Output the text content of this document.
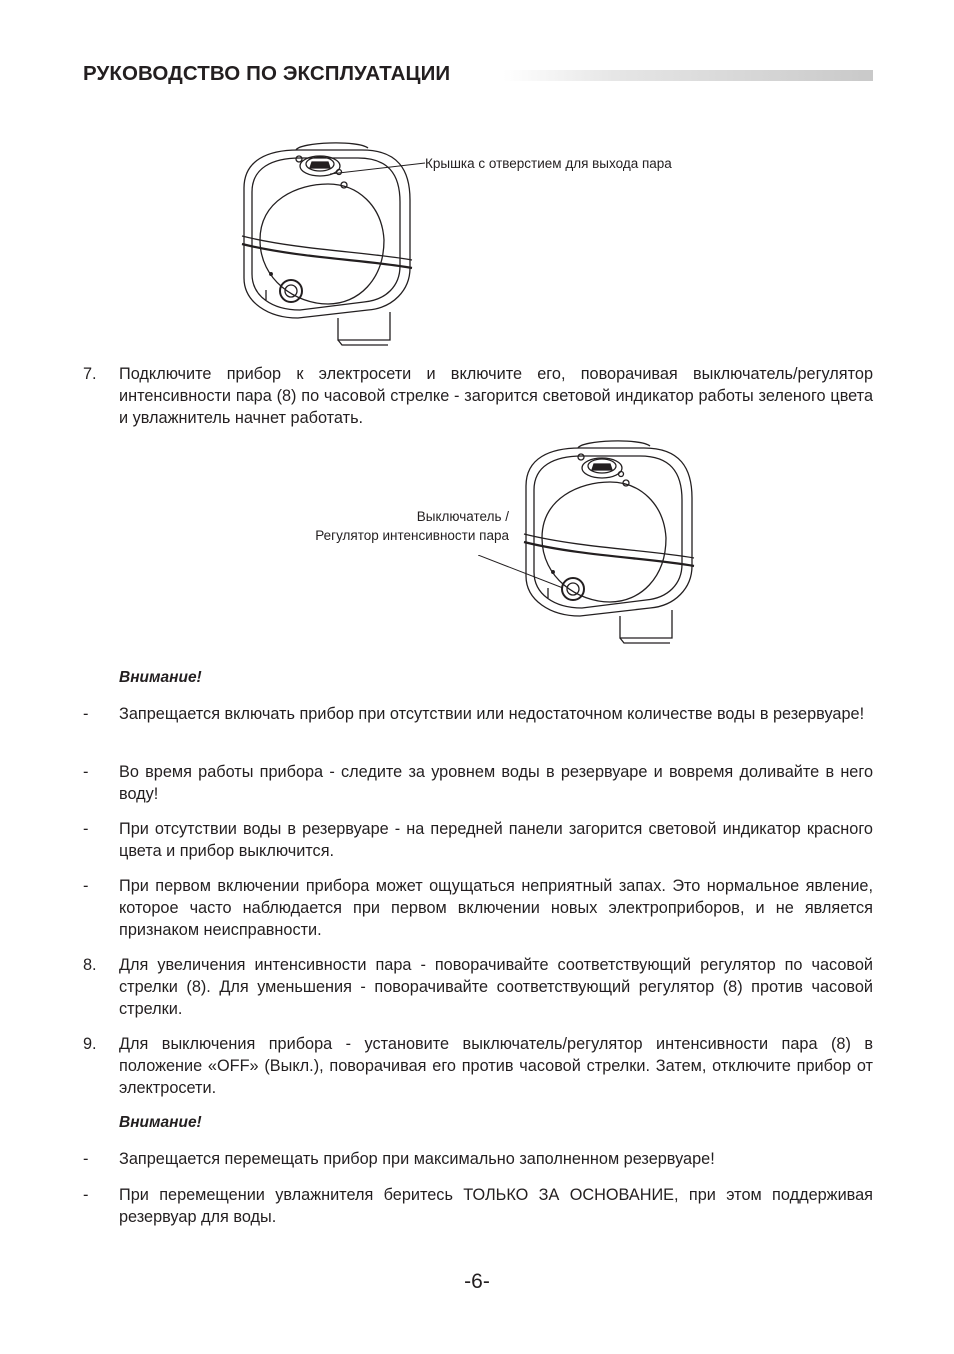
РУКОВОДСТВО ПО ЭКСПЛУАТАЦИИ
Крышка с отверстием для выхода пара
7. Подключите прибор к электросети и включите его, поворачивая выключатель/регулятор интенсивности пара (8) по часовой стрелке - загорится световой индикатор работы зеленого цвета и увлажнитель начнет работать.
Выключатель /
Регулятор интенсивности пара
Внимание!
- Запрещается включать прибор при отсутствии или недостаточном количестве воды в резервуаре!
- Во время работы прибора - следите за уровнем воды в резервуаре и вовремя доливайте в него воду!
- При отсутствии воды в резервуаре - на передней панели загорится световой индикатор красного цвета и прибор выключится.
- При первом включении прибора может ощущаться неприятный запах. Это нормальное явление, которое часто наблюдается при первом включении новых электроприборов, и не является признаком неисправности.
8. Для увеличения интенсивности пара - поворачивайте соответствующий регулятор по часовой стрелки (8). Для уменьшения - поворачивайте соответствующий регулятор (8) против часовой стрелки.
9. Для выключения прибора - установите выключатель/регулятор интенсивности пара (8) в положение «OFF» (Выкл.), поворачивая его против часовой стрелки. Затем, отключите прибор от электросети.
Внимание!
- Запрещается перемещать прибор при максимально заполненном резервуаре!
- При перемещении увлажнителя беритесь ТОЛЬКО ЗА ОСНОВАНИЕ, при этом поддерживая резервуар для воды.
-6-
